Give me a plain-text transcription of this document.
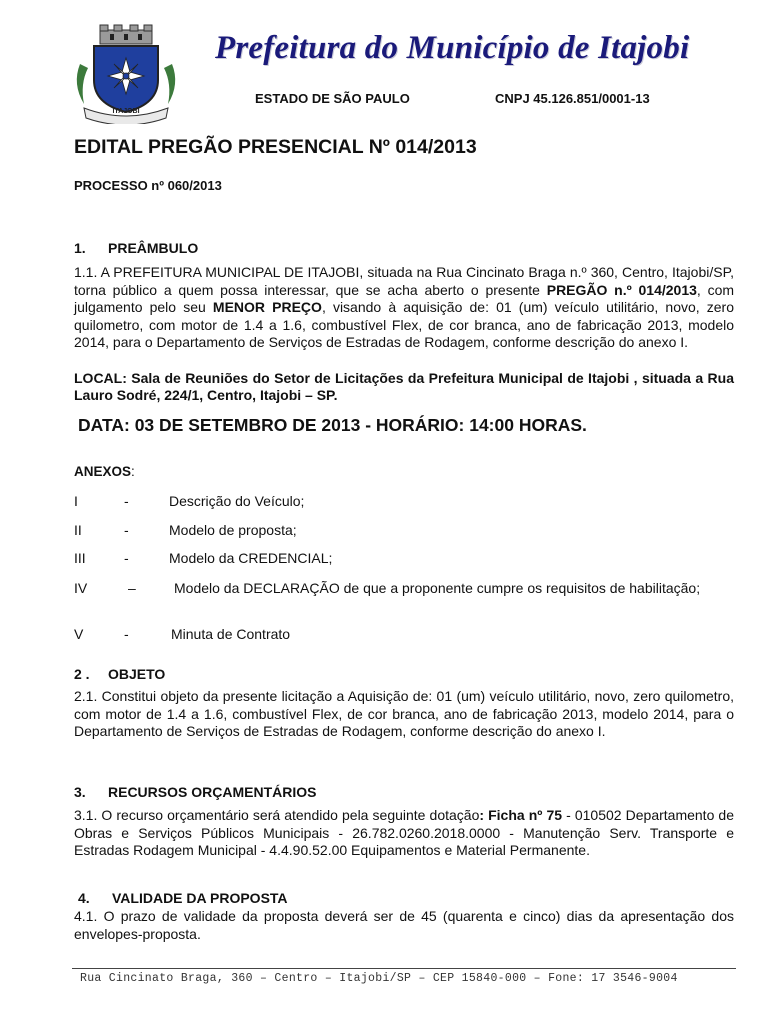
ITAJOBI
Prefeitura do Município de Itajobi
ESTADO DE SÃO PAULO	CNPJ 45.126.851/0001-13
EDITAL PREGÃO PRESENCIAL Nº 014/2013
PROCESSO nº 060/2013
1. PREÂMBULO
1.1. A PREFEITURA MUNICIPAL DE ITAJOBI, situada na Rua Cincinato Braga n.º 360, Centro, Itajobi/SP, torna público a quem possa interessar, que se acha aberto o presente PREGÃO n.º 014/2013, com julgamento pelo seu MENOR PREÇO, visando à aquisição de: 01 (um) veículo utilitário, novo, zero quilometro, com motor de 1.4 a 1.6, combustível Flex, de cor branca, ano de fabricação 2013, modelo 2014, para o Departamento de Serviços de Estradas de Rodagem, conforme descrição do anexo I.
LOCAL: Sala de Reuniões do Setor de Licitações da Prefeitura Municipal de Itajobi , situada a Rua Lauro Sodré, 224/1, Centro, Itajobi – SP.
DATA: 03 DE SETEMBRO DE 2013 - HORÁRIO: 14:00 HORAS.
ANEXOS:
I	-	Descrição do Veículo;
II	-	Modelo de proposta;
III	-	Modelo da CREDENCIAL;
IV	–	Modelo da DECLARAÇÃO de que a proponente cumpre os requisitos de habilitação;
V	-	Minuta de Contrato
2 . OBJETO
2.1. Constitui objeto da presente licitação a Aquisição de: 01 (um) veículo utilitário, novo, zero quilometro, com motor de 1.4 a 1.6, combustível Flex, de cor branca, ano de fabricação 2013, modelo 2014, para o Departamento de Serviços de Estradas de Rodagem, conforme descrição do anexo I.
3. RECURSOS ORÇAMENTÁRIOS
3.1. O recurso orçamentário será atendido pela seguinte dotação: Ficha nº 75 - 010502 Departamento de Obras e Serviços Públicos Municipais - 26.782.0260.2018.0000 - Manutenção Serv. Transporte e Estradas Rodagem Municipal - 4.4.90.52.00 Equipamentos e Material Permanente.
4. VALIDADE DA PROPOSTA
4.1. O prazo de validade da proposta deverá ser de 45 (quarenta e cinco) dias da apresentação dos envelopes-proposta.
Rua Cincinato Braga, 360 – Centro – Itajobi/SP – CEP 15840-000 – Fone: 17 3546-9004
